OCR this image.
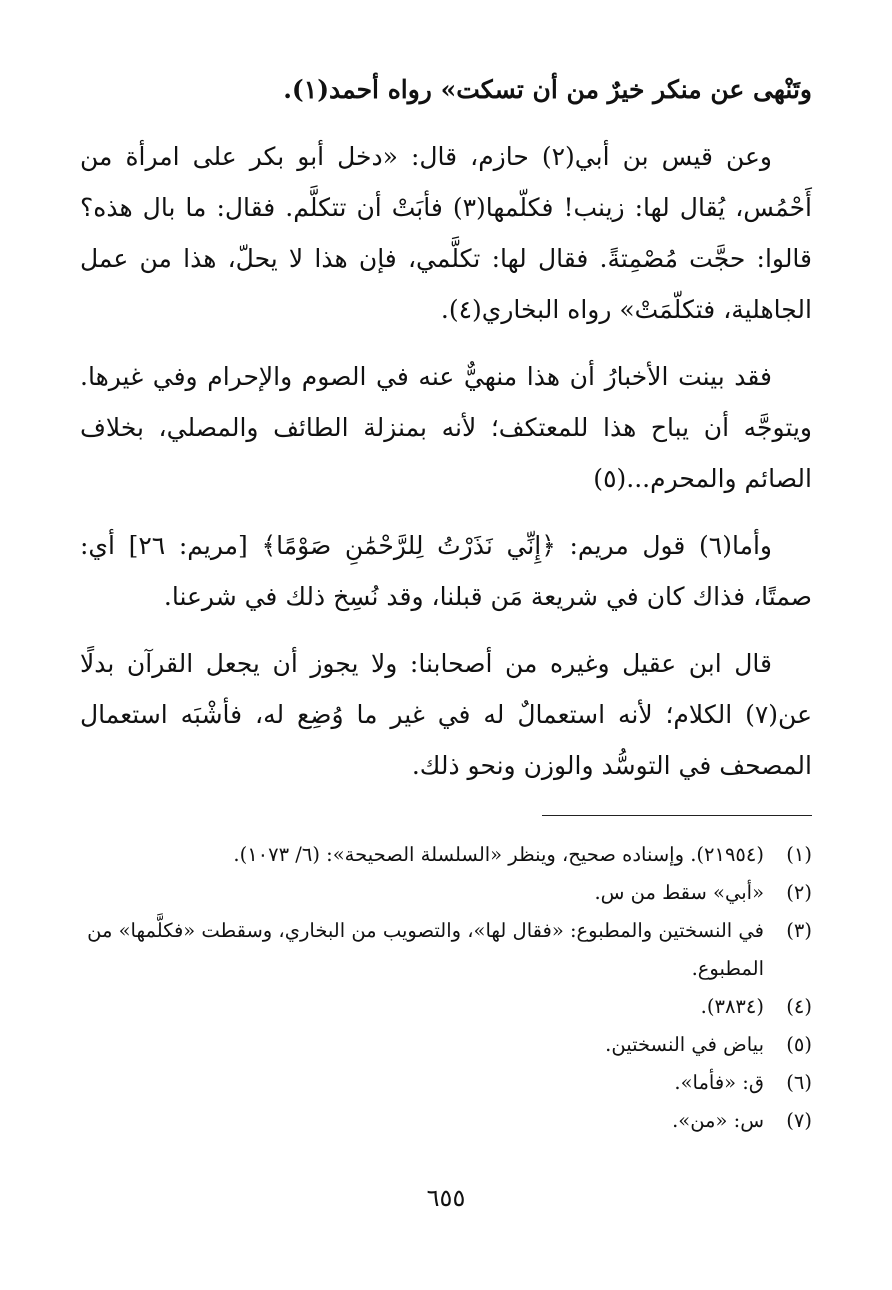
وتَنْهى عن منكر خيرٌ من أن تسكت» رواه أحمد(١).

وعن قيس بن أبي(٢) حازم، قال: «دخل أبو بكر على امرأة من أَحْمُس، يُقال لها: زينب! فكلّمها(٣) فأبَتْ أن تتكلَّم. فقال: ما بال هذه؟ قالوا: حجَّت مُصْمِتةً. فقال لها: تكلَّمي، فإن هذا لا يحلّ، هذا من عمل الجاهلية، فتكلّمَتْ» رواه البخاري(٤).

فقد بينت الأخبارُ أن هذا منهيٌّ عنه في الصوم والإحرام وفي غيرها. ويتوجَّه أن يباح هذا للمعتكف؛ لأنه بمنزلة الطائف والمصلي، بخلاف الصائم والمحرم...(٥)

وأما(٦) قول مريم: ﴿إِنِّي نَذَرْتُ لِلرَّحْمَٰنِ صَوْمًا﴾ [مريم: ٢٦] أي: صمتًا، فذاك كان في شريعة مَن قبلنا، وقد نُسِخ ذلك في شرعنا.

قال ابن عقيل وغيره من أصحابنا: ولا يجوز أن يجعل القرآن بدلًا عن(٧) الكلام؛ لأنه استعمالٌ له في غير ما وُضِع له، فأشْبَه استعمال المصحف في التوسُّد والوزن ونحو ذلك.

(١)
(٢١٩٥٤). وإسناده صحيح، وينظر «السلسلة الصحيحة»: (٦/ ١٠٧٣).
(٢)
«أبي» سقط من س.
(٣)
في النسختين والمطبوع: «فقال لها»، والتصويب من البخاري، وسقطت «فكلَّمها» من المطبوع.
(٤)
(٣٨٣٤).
(٥)
بياض في النسختين.
(٦)
ق: «فأما».
(٧)
س: «من».
٦٥٥
